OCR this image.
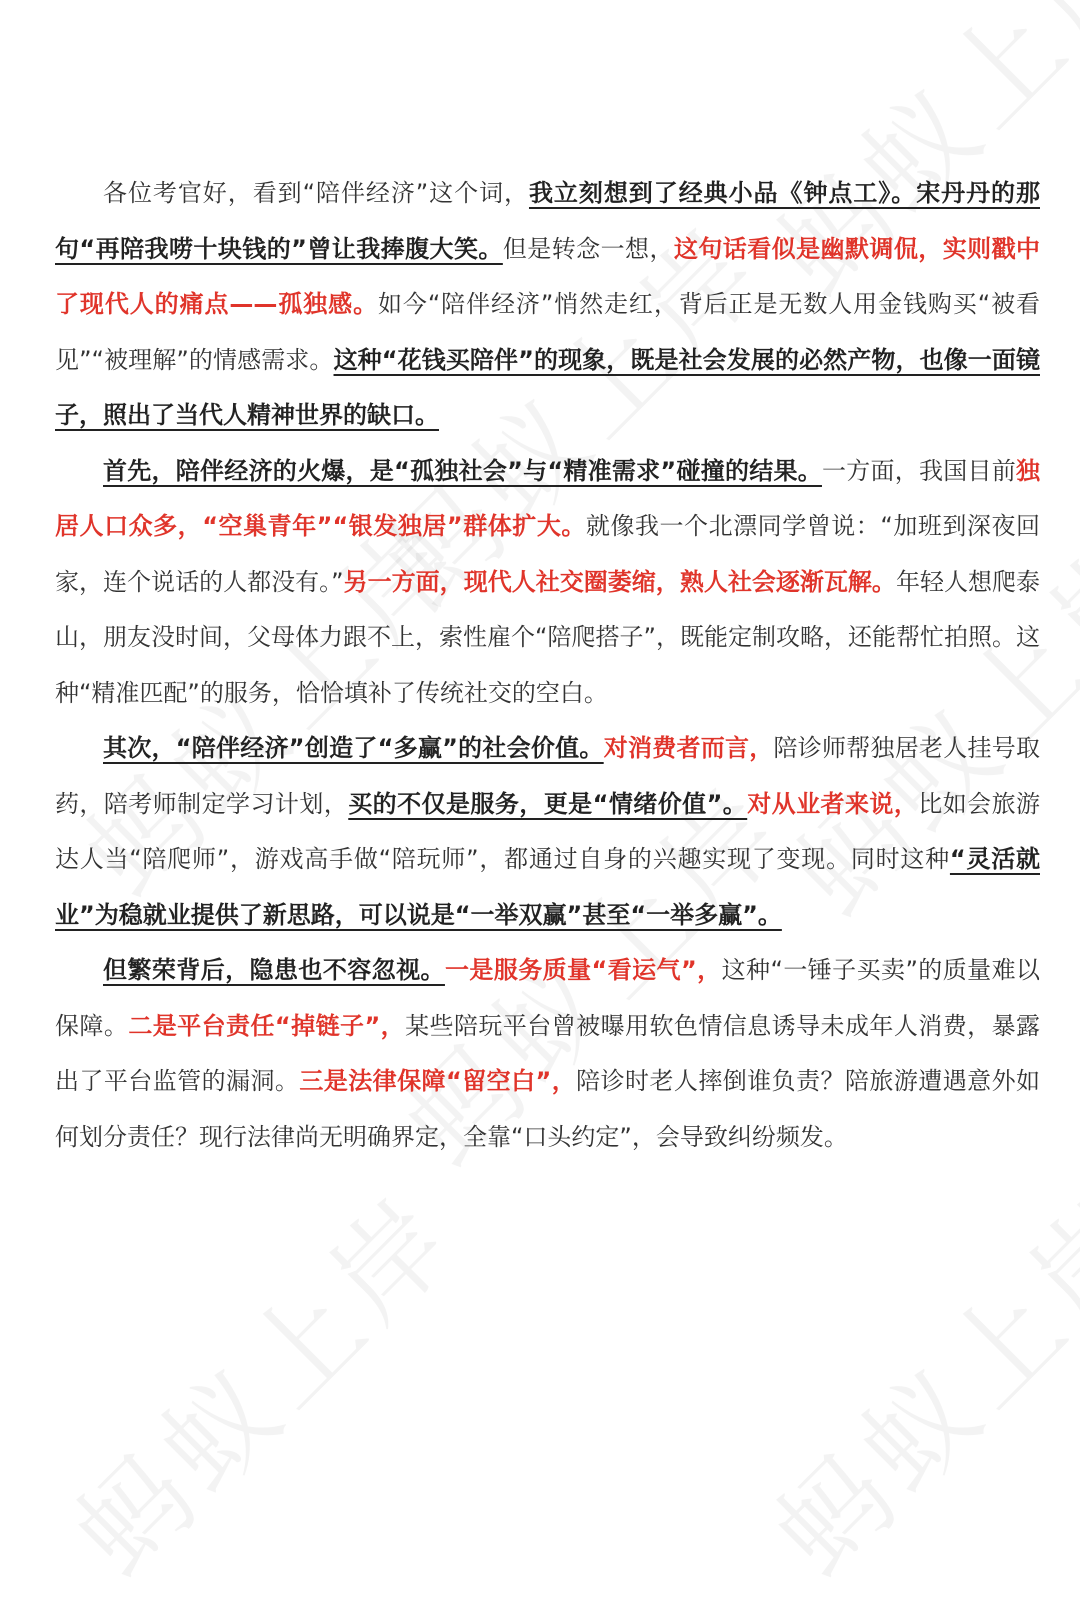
各位考官好，看到“陪伴经济”这个词，我立刻想到了经典小品《钟点工》。宋丹丹的那句“再陪我唠十块钱的”曾让我捧腹大笑。但是转念一想，这句话看似是幽默调侃，实则戳中了现代人的痛点——孤独感。如今“陪伴经济”悄然走红，背后正是无数人用金钱购买“被看见”“被理解”的情感需求。这种“花钱买陪伴”的现象，既是社会发展的必然产物，也像一面镜子，照出了当代人精神世界的缺口。

首先，陪伴经济的火爆，是“孤独社会”与“精准需求”碰撞的结果。一方面，我国目前独居人口众多，“空巢青年”“银发独居”群体扩大。就像我一个北漂同学曾说：“加班到深夜回家，连个说话的人都没有。”另一方面，现代人社交圈萎缩，熟人社会逐渐瓦解。年轻人想爬泰山，朋友没时间，父母体力跟不上，索性雇个“陪爬搭子”，既能定制攻略，还能帮忙拍照。这种“精准匹配”的服务，恰恰填补了传统社交的空白。

其次，“陪伴经济”创造了“多赢”的社会价值。对消费者而言，陪诊师帮独居老人挂号取药，陪考师制定学习计划，买的不仅是服务，更是“情绪价值”。对从业者来说，比如会旅游达人当“陪爬师”，游戏高手做“陪玩师”，都通过自身的兴趣实现了变现。同时这种“灵活就业”为稳就业提供了新思路，可以说是“一举双赢”甚至“一举多赢”。

但繁荣背后，隐患也不容忽视。一是服务质量“看运气”，这种“一锤子买卖”的质量难以保障。二是平台责任“掉链子”，某些陪玩平台曾被曝用软色情信息诱导未成年人消费，暴露出了平台监管的漏洞。三是法律保障“留空白”，陪诊时老人摔倒谁负责？陪旅游遭遇意外如何划分责任？现行法律尚无明确界定，全靠“口头约定”，会导致纠纷频发。
